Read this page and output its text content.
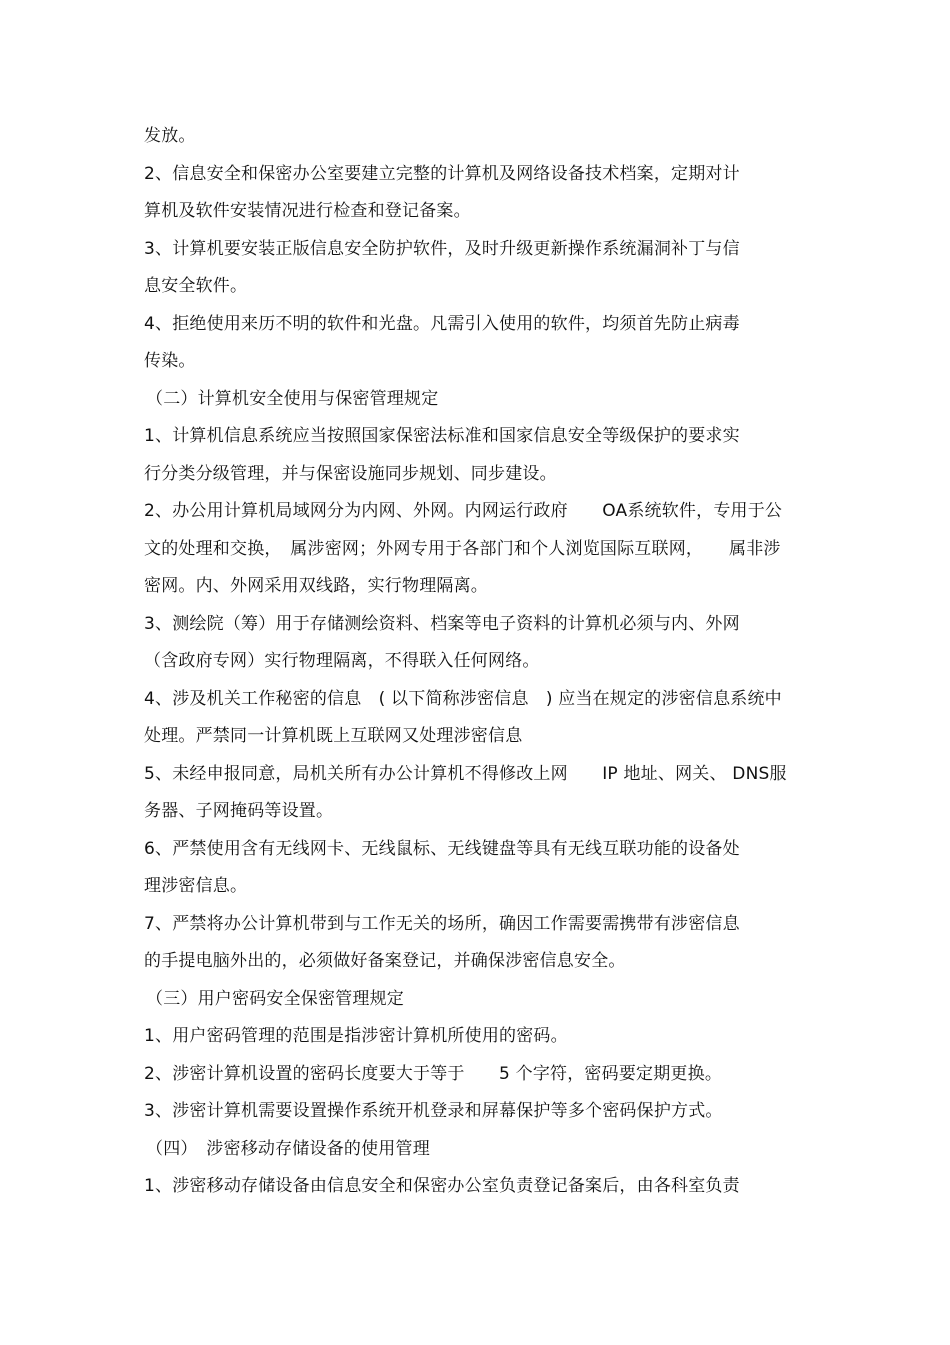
发放。
2、信息安全和保密办公室要建立完整的计算机及网络设备技术档案，定期对计
算机及软件安装情况进行检查和登记备案。
3、计算机要安装正版信息安全防护软件，及时升级更新操作系统漏洞补丁与信
息安全软件。
4、拒绝使用来历不明的软件和光盘。凡需引入使用的软件，均须首先防止病毒
传染。
（二）计算机安全使用与保密管理规定
1、计算机信息系统应当按照国家保密法标准和国家信息安全等级保护的要求实
行分类分级管理，并与保密设施同步规划、同步建设。
2、办公用计算机局域网分为内网、外网。内网运行政府　　OA系统软件，专用于公
文的处理和交换，　属涉密网；外网专用于各部门和个人浏览国际互联网，　　属非涉
密网。内、外网采用双线路，实行物理隔离。
3、测绘院（筹）用于存储测绘资料、档案等电子资料的计算机必须与内、外网
（含政府专网）实行物理隔离，不得联入任何网络。
4、涉及机关工作秘密的信息　( 以下简称涉密信息　) 应当在规定的涉密信息系统中
处理。严禁同一计算机既上互联网又处理涉密信息
5、未经申报同意，局机关所有办公计算机不得修改上网　　IP 地址、网关、 DNS服
务器、子网掩码等设置。
6、严禁使用含有无线网卡、无线鼠标、无线键盘等具有无线互联功能的设备处
理涉密信息。
7、严禁将办公计算机带到与工作无关的场所，确因工作需要需携带有涉密信息
的手提电脑外出的，必须做好备案登记，并确保涉密信息安全。
（三）用户密码安全保密管理规定
1、用户密码管理的范围是指涉密计算机所使用的密码。
2、涉密计算机设置的密码长度要大于等于　　5 个字符，密码要定期更换。
3、涉密计算机需要设置操作系统开机登录和屏幕保护等多个密码保护方式。
（四）　涉密移动存储设备的使用管理
1、涉密移动存储设备由信息安全和保密办公室负责登记备案后，由各科室负责
